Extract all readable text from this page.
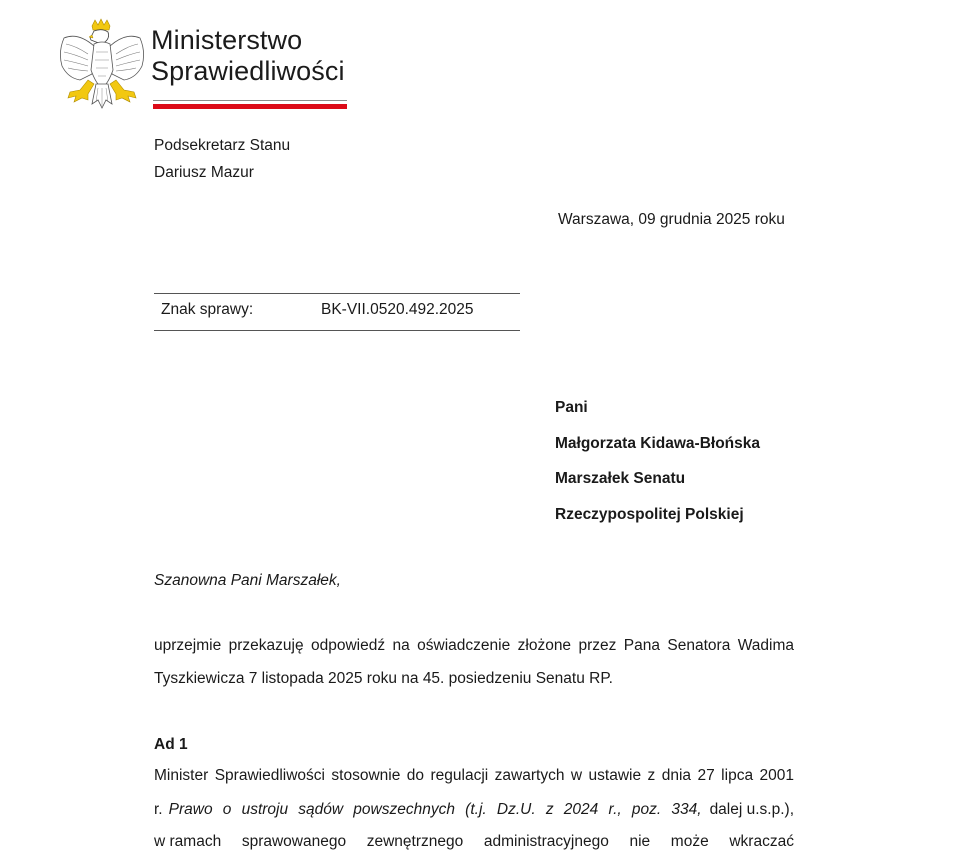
Ministerstwo
Sprawiedliwości
Podsekretarz Stanu
Dariusz Mazur
Warszawa, 09 grudnia 2025 roku
Znak sprawy:	BK-VII.0520.492.2025
Pani
Małgorzata Kidawa-Błońska
Marszałek Senatu
Rzeczypospolitej Polskiej
Szanowna Pani Marszałek,
uprzejmie przekazuję odpowiedź na oświadczenie złożone przez Pana Senatora Wadima
Tyszkiewicza 7 listopada 2025 roku na 45. posiedzeniu Senatu RP.
Ad 1
Minister Sprawiedliwości stosownie do regulacji zawartych w ustawie z dnia 27 lipca 2001
r. Prawo o ustroju sądów powszechnych (t.j. Dz.U. z 2024 r., poz. 334, dalej u.s.p.),
w ramach sprawowanego zewnętrznego administracyjnego nie może wkraczać
